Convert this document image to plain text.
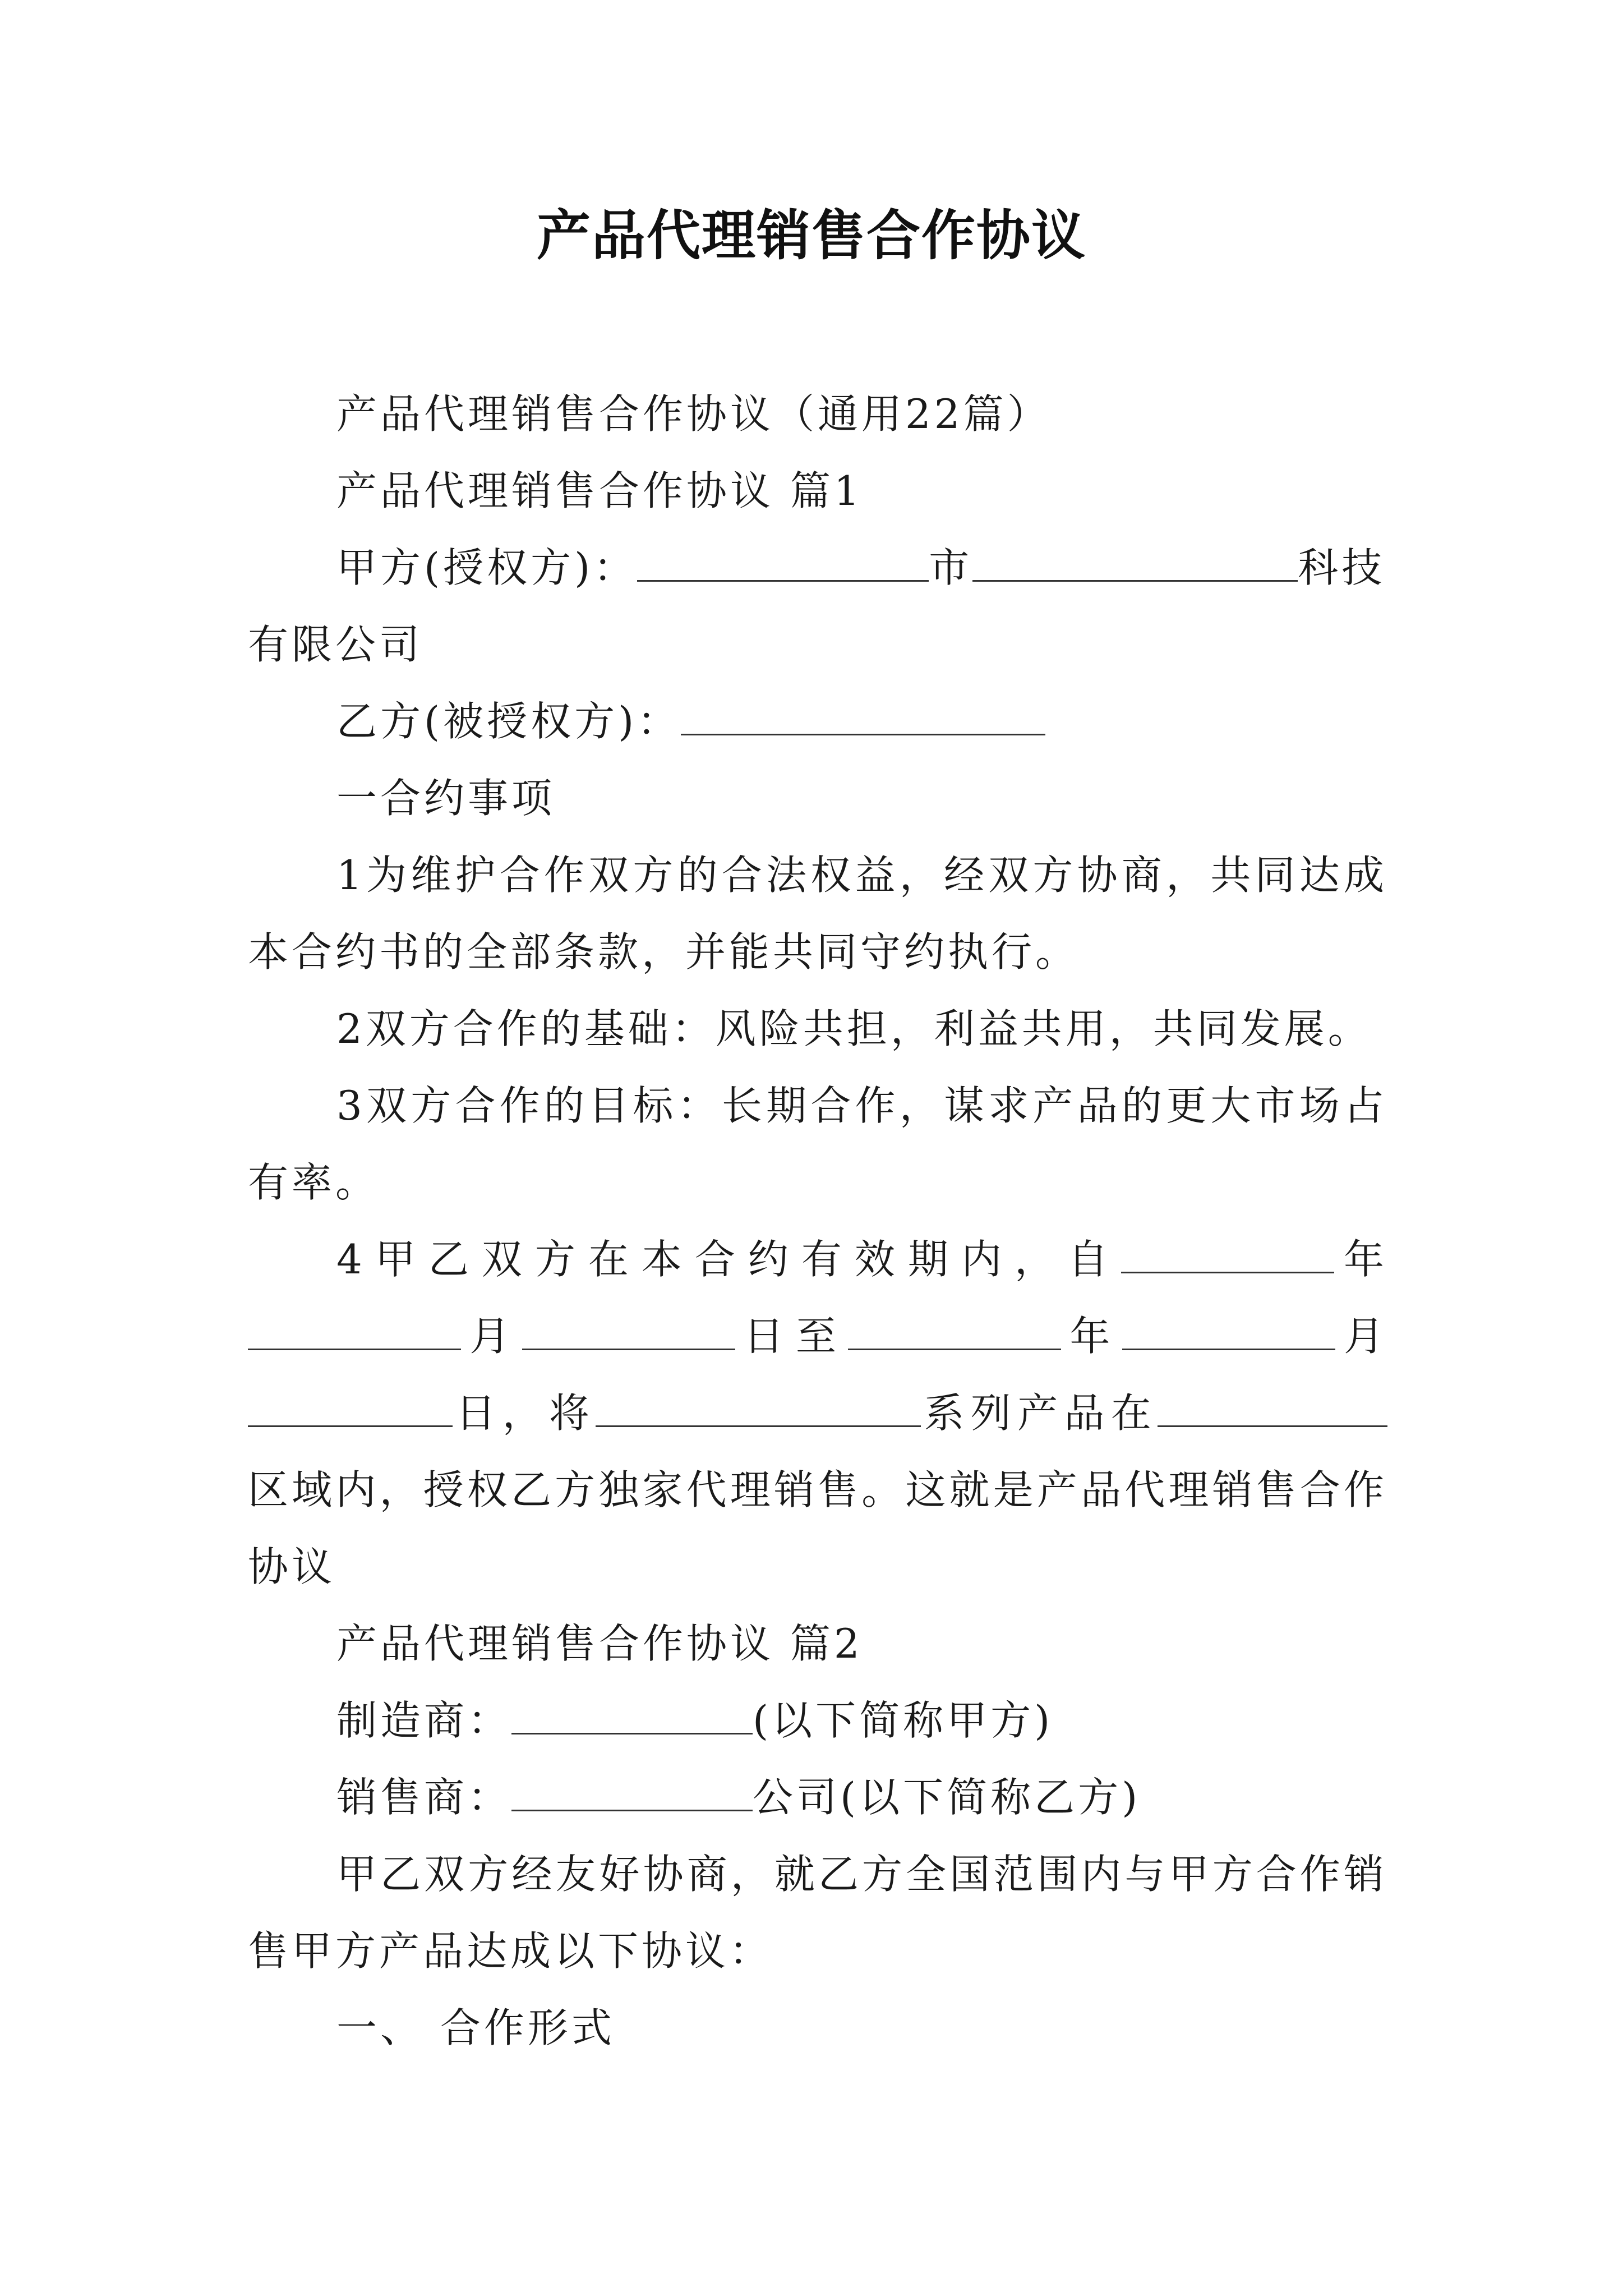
产品代理销售合作协议

产品代理销售合作协议（通用22篇）

产品代理销售合作协议 篇1

甲方(授权方)：	市	科技有限公司

乙方(被授权方)：

一合约事项

1为维护合作双方的合法权益，经双方协商，共同达成本合约书的全部条款，并能共同守约执行。

2双方合作的基础：风险共担，利益共用，共同发展。

3双方合作的目标：长期合作，谋求产品的更大市场占有率。

4甲乙双方在本合约有效期内，自	年月	日至	年	月日，将	系列产品在区域内，授权乙方独家代理销售。这就是产品代理销售合作协议

产品代理销售合作协议 篇2

制造商：	(以下简称甲方)

销售商：	公司(以下简称乙方)

甲乙双方经友好协商，就乙方全国范围内与甲方合作销售甲方产品达成以下协议：

一、 合作形式
